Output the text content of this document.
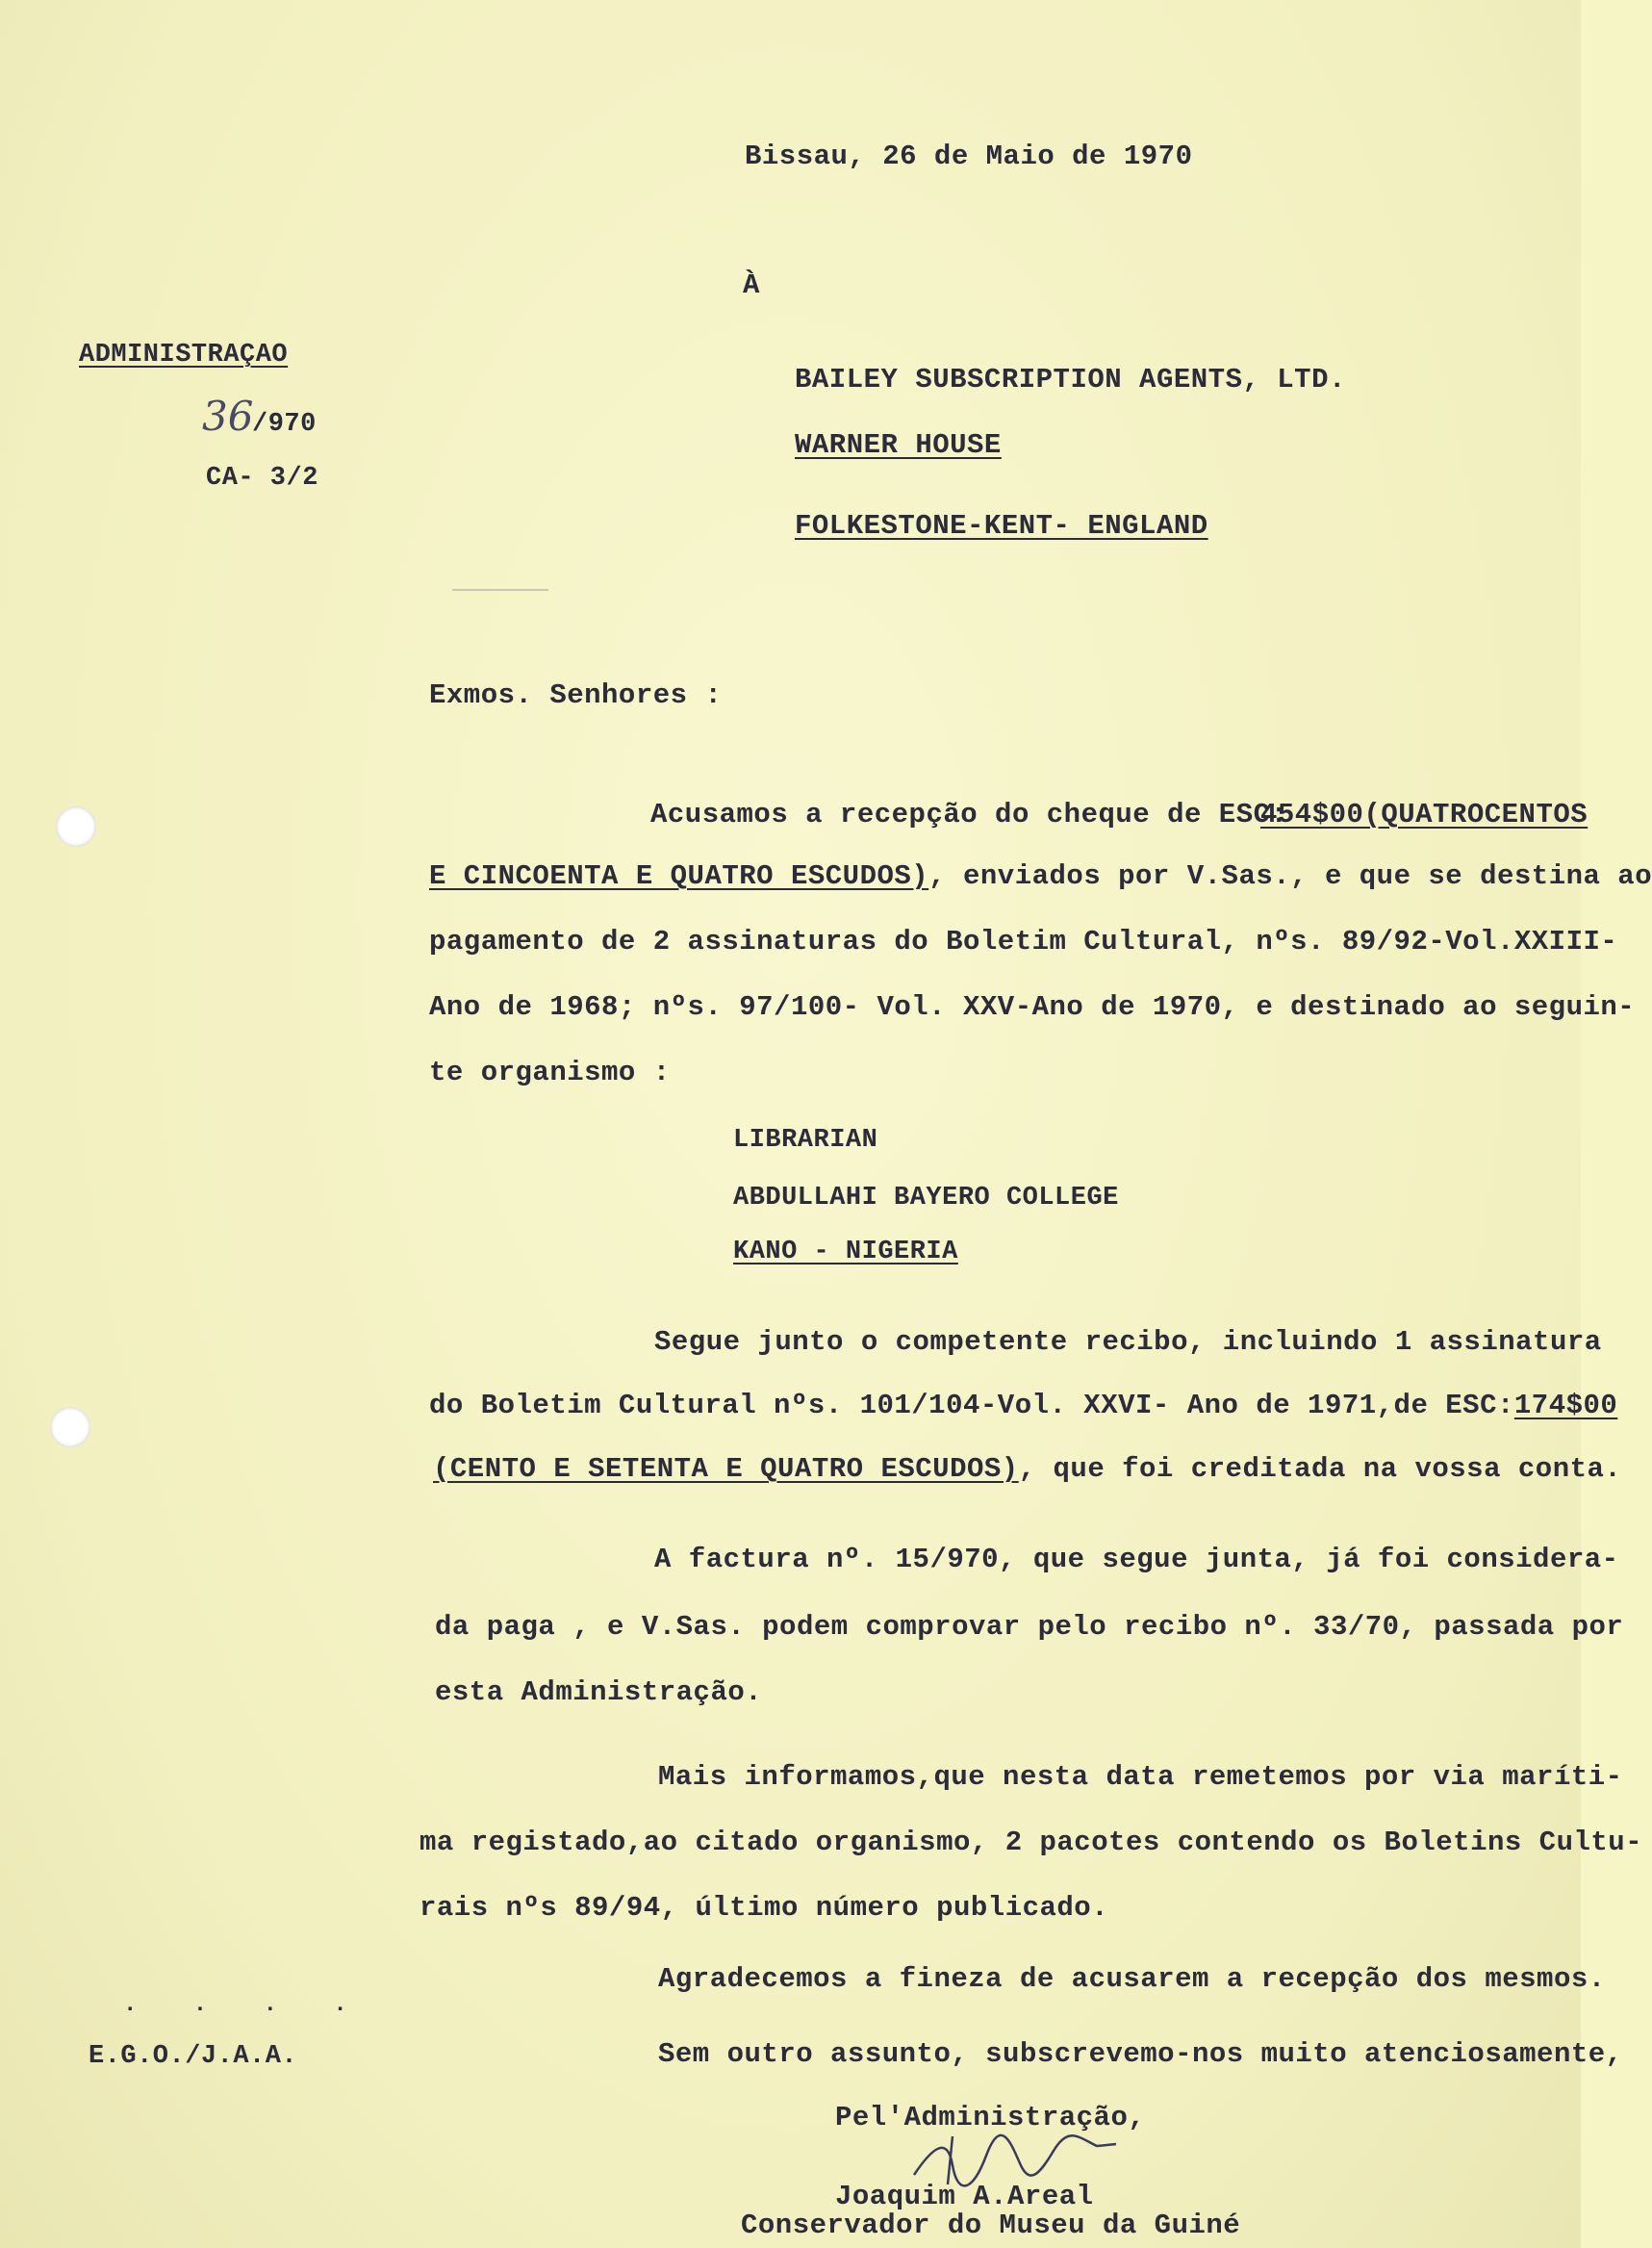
Bissau, 26 de Maio de 1970
À
ADMINISTRAÇAO
36
/970
CA- 3/2
BAILEY SUBSCRIPTION AGENTS, LTD.
WARNER HOUSE
FOLKESTONE-KENT- ENGLAND
Exmos. Senhores :
Acusamos a recepção do cheque de ESC:
454$00(QUATROCENTOS
E CINCOENTA E QUATRO ESCUDOS), enviados por V.Sas., e que se destina ao
pagamento de 2 assinaturas do Boletim Cultural, nºs. 89/92-Vol.XXIII-
Ano de 1968; nºs. 97/100- Vol. XXV-Ano de 1970, e destinado ao seguin-
te organismo :
LIBRARIAN
ABDULLAHI BAYERO COLLEGE
KANO - NIGERIA
Segue junto o competente recibo, incluindo 1 assinatura
do Boletim Cultural nºs. 101/104-Vol. XXVI- Ano de 1971,de ESC:174$00
(CENTO E SETENTA E QUATRO ESCUDOS), que foi creditada na vossa conta.
A factura nº. 15/970, que segue junta, já foi considera-
da paga , e V.Sas. podem comprovar pelo recibo nº. 33/70, passada por
esta Administração.
Mais informamos,que nesta data remetemos por via maríti-
ma registado,ao citado organismo, 2 pacotes contendo os Boletins Cultu-
rais nºs 89/94, último número publicado.
Agradecemos a fineza de acusarem a recepção dos mesmos.
Sem outro assunto, subscrevemo-nos muito atenciosamente,
. . . .
E.G.O./J.A.A.
Pel'Administração,
Joaquim A.Areal
Conservador do Museu da Guiné
